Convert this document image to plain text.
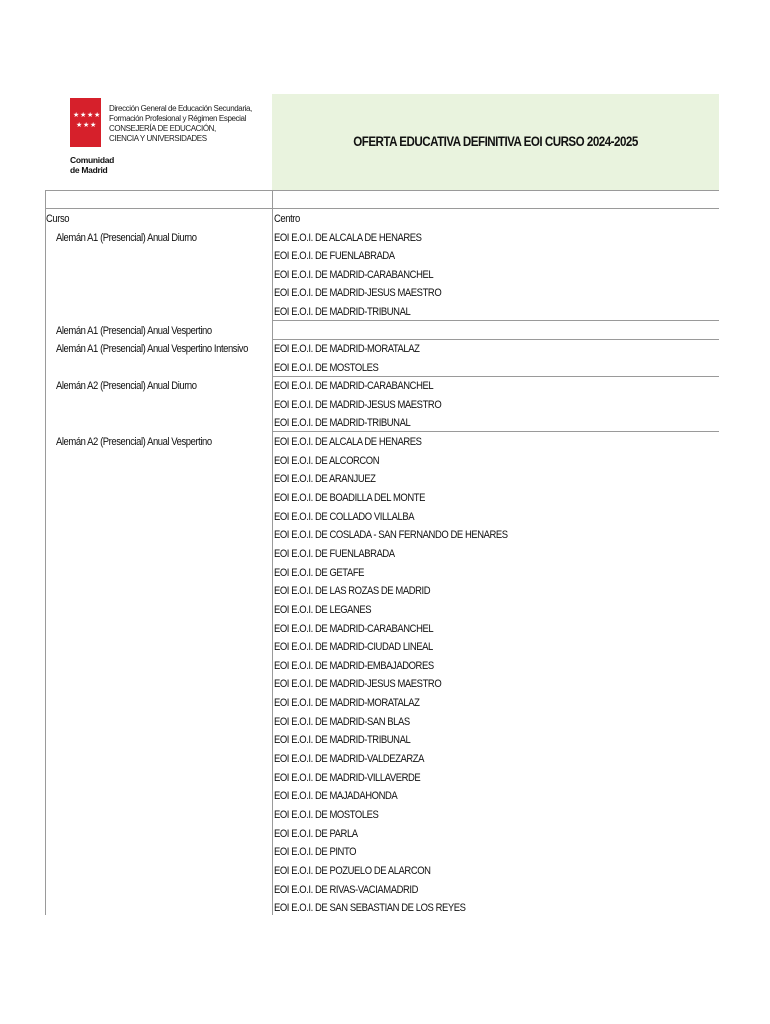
★ ★ ★ ★
★ ★ ★
Dirección General de Educación Secundaria,
Formación Profesional y Régimen Especial
CONSEJERÍA DE EDUCACIÓN,
CIENCIA Y UNIVERSIDADES
Comunidad
de Madrid
OFERTA EDUCATIVA DEFINITIVA EOI CURSO 2024-2025
Curso	Centro
Alemán A1 (Presencial) Anual Diurno
Alemán A1 (Presencial) Anual Vespertino
Alemán A1 (Presencial) Anual Vespertino Intensivo
Alemán A2 (Presencial) Anual Diurno
Alemán A2 (Presencial) Anual Vespertino
EOI E.O.I. DE ALCALA DE HENARES
EOI E.O.I. DE FUENLABRADA
EOI E.O.I. DE MADRID-CARABANCHEL
EOI E.O.I. DE MADRID-JESUS MAESTRO
EOI E.O.I. DE MADRID-TRIBUNAL
EOI E.O.I. DE MADRID-MORATALAZ
EOI E.O.I. DE MOSTOLES
EOI E.O.I. DE MADRID-CARABANCHEL
EOI E.O.I. DE MADRID-JESUS MAESTRO
EOI E.O.I. DE MADRID-TRIBUNAL
EOI E.O.I. DE ALCALA DE HENARES
EOI E.O.I. DE ALCORCON
EOI E.O.I. DE ARANJUEZ
EOI E.O.I. DE BOADILLA DEL MONTE
EOI E.O.I. DE COLLADO VILLALBA
EOI E.O.I. DE COSLADA - SAN FERNANDO DE HENARES
EOI E.O.I. DE FUENLABRADA
EOI E.O.I. DE GETAFE
EOI E.O.I. DE LAS ROZAS DE MADRID
EOI E.O.I. DE LEGANES
EOI E.O.I. DE MADRID-CARABANCHEL
EOI E.O.I. DE MADRID-CIUDAD LINEAL
EOI E.O.I. DE MADRID-EMBAJADORES
EOI E.O.I. DE MADRID-JESUS MAESTRO
EOI E.O.I. DE MADRID-MORATALAZ
EOI E.O.I. DE MADRID-SAN BLAS
EOI E.O.I. DE MADRID-TRIBUNAL
EOI E.O.I. DE MADRID-VALDEZARZA
EOI E.O.I. DE MADRID-VILLAVERDE
EOI E.O.I. DE MAJADAHONDA
EOI E.O.I. DE MOSTOLES
EOI E.O.I. DE PARLA
EOI E.O.I. DE PINTO
EOI E.O.I. DE POZUELO DE ALARCON
EOI E.O.I. DE RIVAS-VACIAMADRID
EOI E.O.I. DE SAN SEBASTIAN DE LOS REYES
